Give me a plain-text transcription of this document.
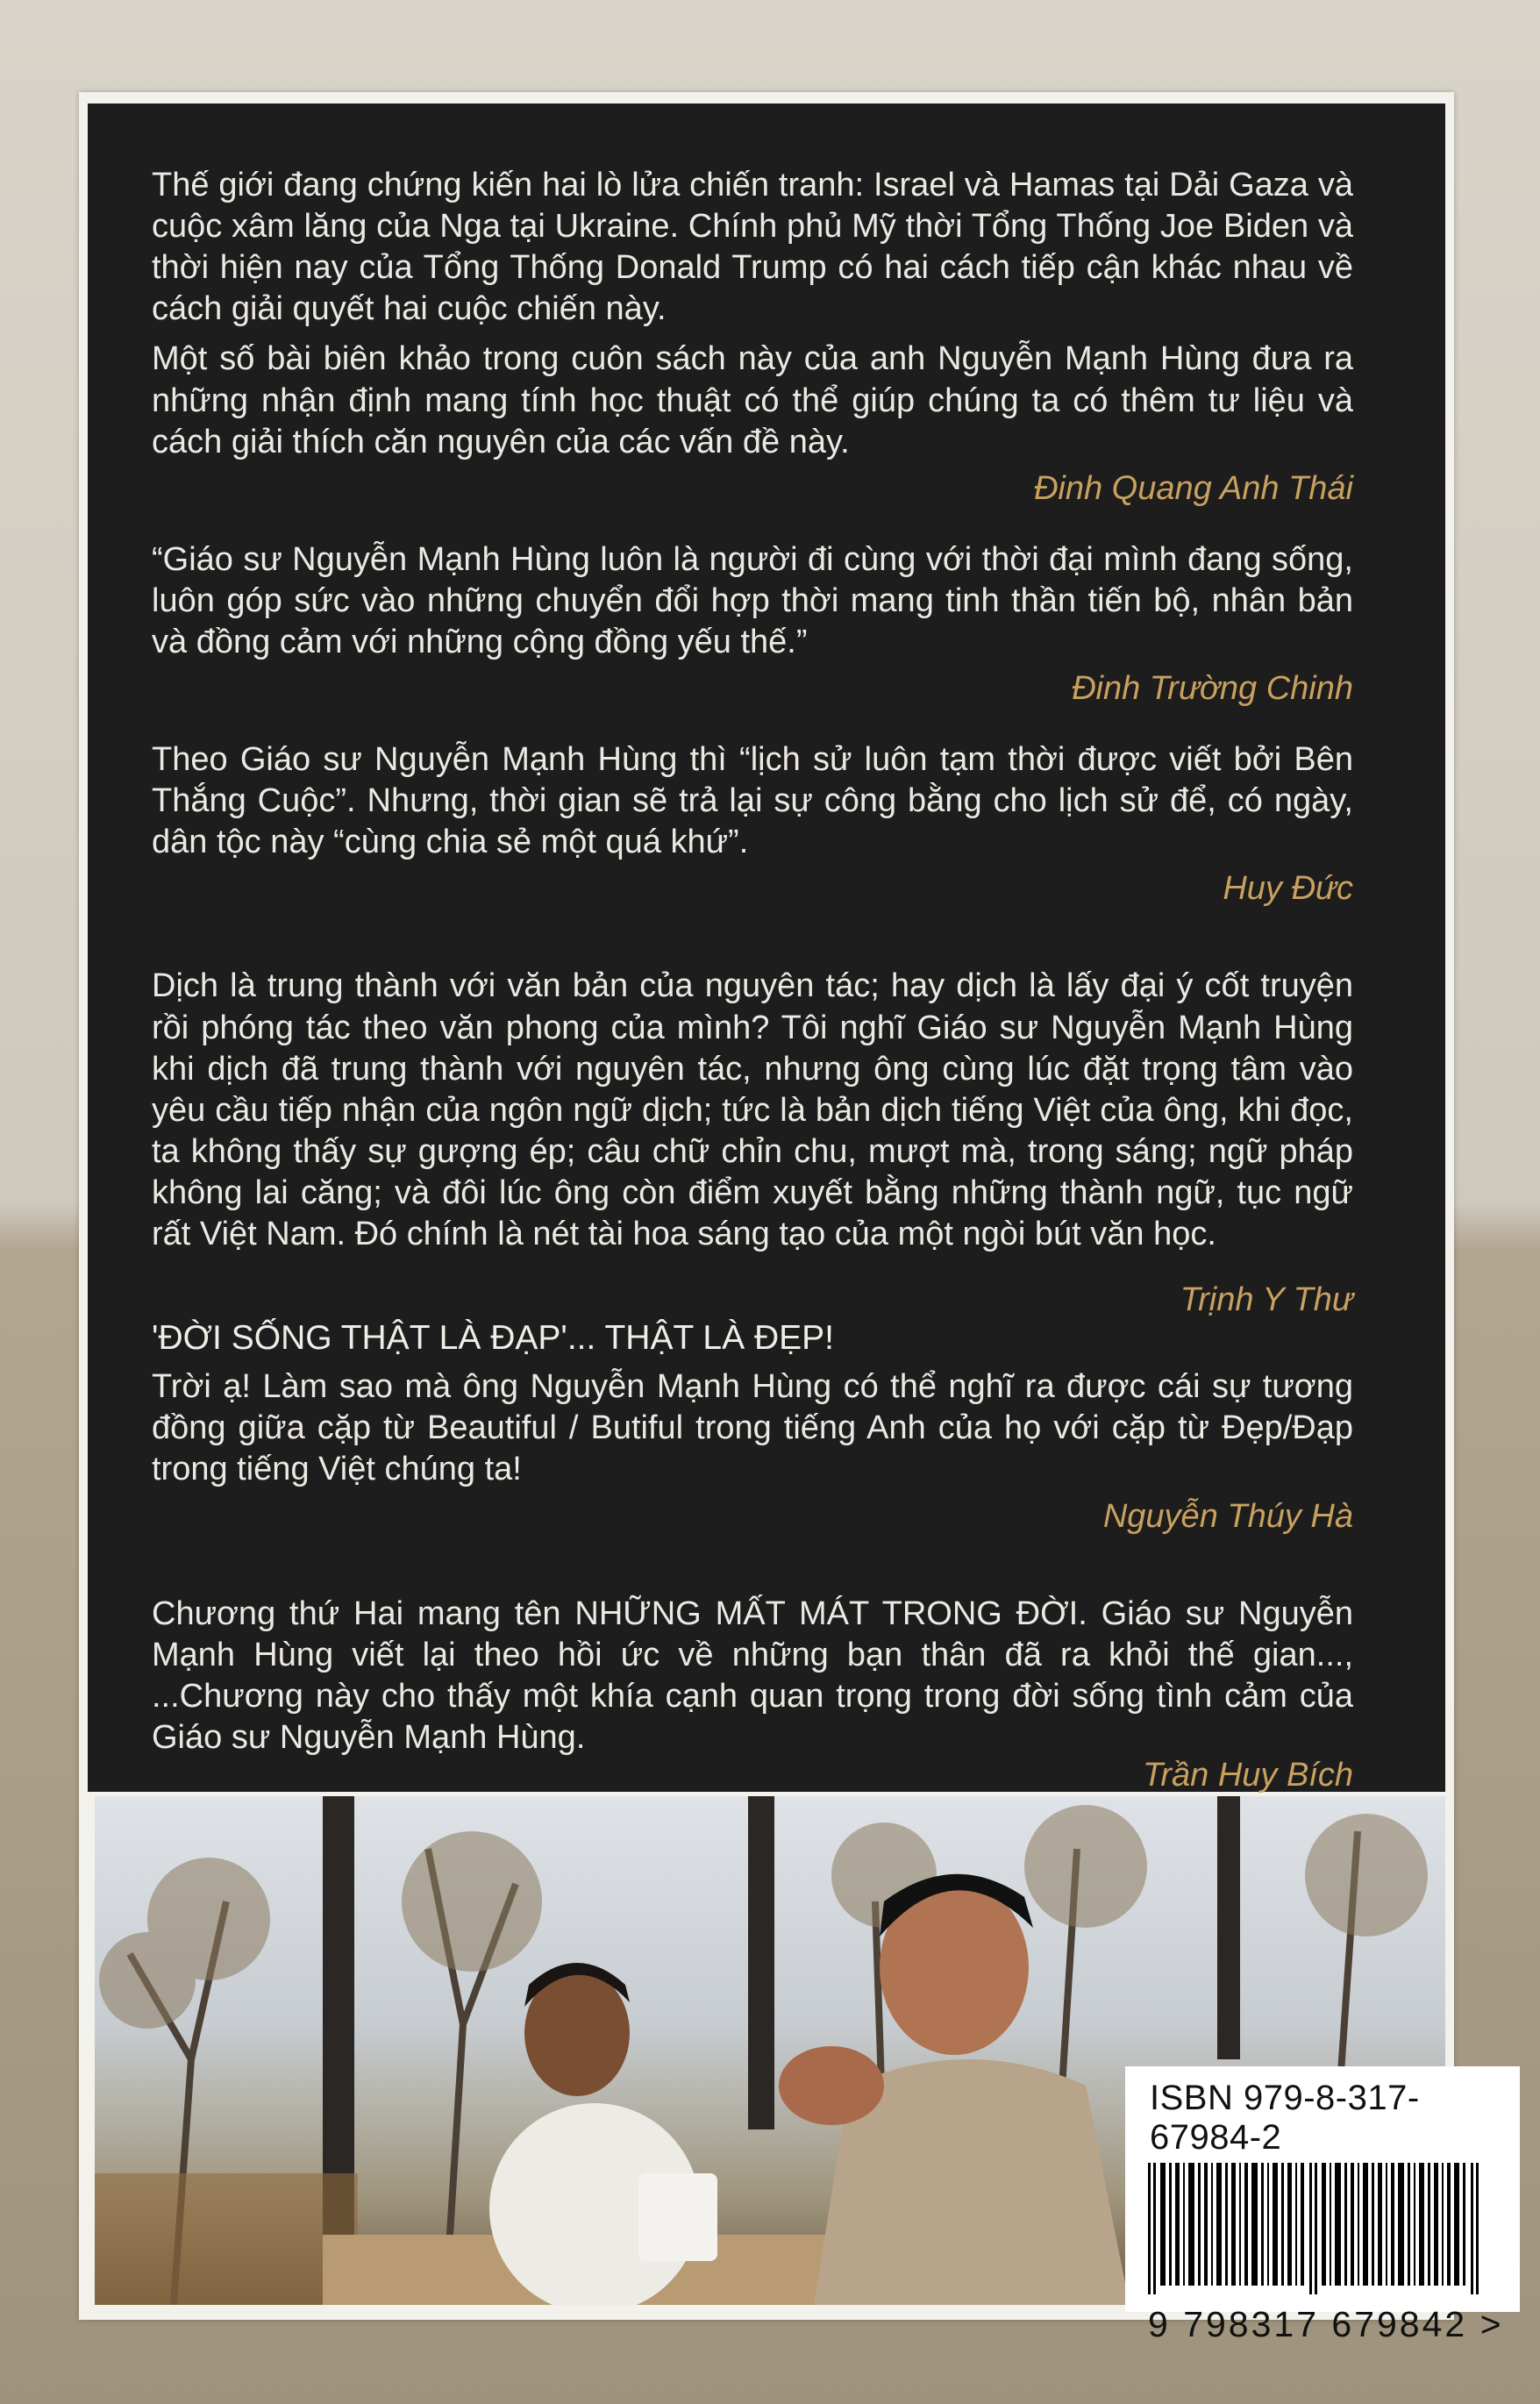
Thế giới đang chứng kiến hai lò lửa chiến tranh: Israel và Hamas tại Dải Gaza và cuộc xâm lăng của Nga tại Ukraine. Chính phủ Mỹ thời Tổng Thống Joe Biden và thời hiện nay của Tổng Thống Donald Trump có hai cách tiếp cận khác nhau về cách giải quyết hai cuộc chiến này.

Một số bài biên khảo trong cuôn sách này của anh Nguyễn Mạnh Hùng đưa ra những nhận định mang tính học thuật có thể giúp chúng ta có thêm tư liệu và cách giải thích căn nguyên của các vấn đề này.

Đinh Quang Anh Thái

“Giáo sư Nguyễn Mạnh Hùng luôn là người đi cùng với thời đại mình đang sống, luôn góp sức vào những chuyển đổi hợp thời mang tinh thần tiến bộ, nhân bản và đồng cảm với những cộng đồng yếu thế.”

Đinh Trường Chinh

Theo Giáo sư Nguyễn Mạnh Hùng thì “lịch sử luôn tạm thời được viết bởi Bên Thắng Cuộc”. Nhưng, thời gian sẽ trả lại sự công bằng cho lịch sử để, có ngày, dân tộc này “cùng chia sẻ một quá khứ”.

Huy Đức

Dịch là trung thành với văn bản của nguyên tác; hay dịch là lấy đại ý cốt truyện rồi phóng tác theo văn phong của mình? Tôi nghĩ Giáo sư Nguyễn Mạnh Hùng khi dịch đã trung thành với nguyên tác, nhưng ông cùng lúc đặt trọng tâm vào yêu cầu tiếp nhận của ngôn ngữ dịch; tức là bản dịch tiếng Việt của ông, khi đọc, ta không thấy sự gượng ép; câu chữ chỉn chu, mượt mà, trong sáng; ngữ pháp không lai căng; và đôi lúc ông còn điểm xuyết bằng những thành ngữ, tục ngữ rất Việt Nam. Đó chính là nét tài hoa sáng tạo của một ngòi bút văn học.

Trịnh Y Thư

'ĐỜI SỐNG THẬT LÀ ĐẠP'... THẬT LÀ ĐẸP!

Trời ạ! Làm sao mà ông Nguyễn Mạnh Hùng có thể nghĩ ra được cái sự tương đồng giữa cặp từ Beautiful / Butiful trong tiếng Anh của họ với cặp từ Đẹp/Đạp trong tiếng Việt chúng ta!

Nguyễn Thúy Hà

Chương thứ Hai mang tên NHỮNG MẤT MÁT TRONG ĐỜI. Giáo sư Nguyễn Mạnh Hùng viết lại theo hồi ức về những bạn thân đã ra khỏi thế gian..., ...Chương này cho thấy một khía cạnh quan trọng trong đời sống tình cảm của Giáo sư Nguyễn Mạnh Hùng.

Trần Huy Bích

ISBN 979-8-317-67984-2
9 798317 679842 >
